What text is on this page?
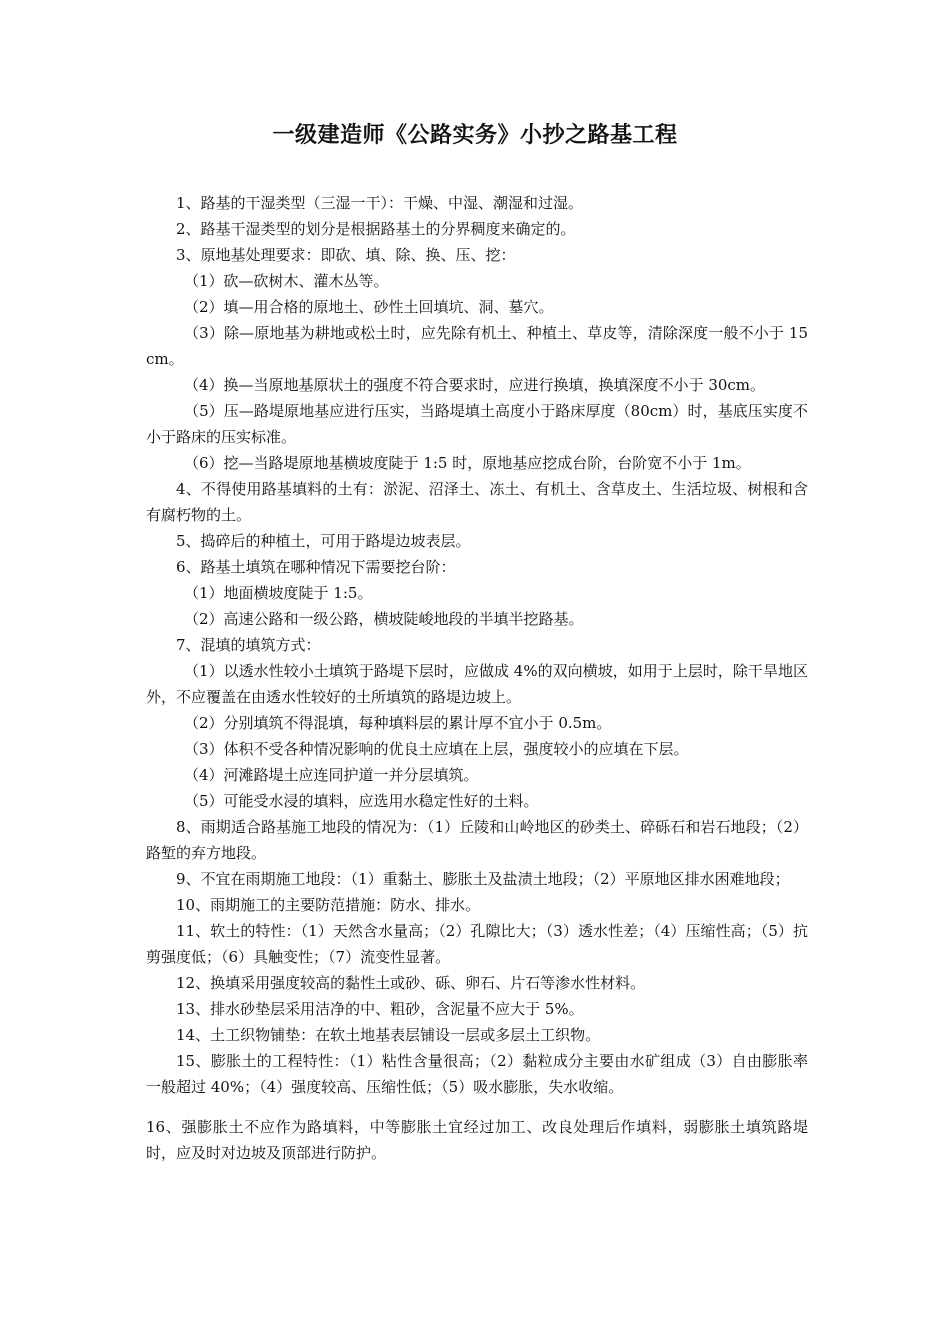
一级建造师《公路实务》小抄之路基工程

1、路基的干湿类型（三湿一干）：干燥、中湿、潮湿和过湿。

2、路基干湿类型的划分是根据路基土的分界稠度来确定的。

3、原地基处理要求：即砍、填、除、换、压、挖：

（1）砍—砍树木、灌木丛等。

（2）填—用合格的原地土、砂性土回填坑、洞、墓穴。

（3）除—原地基为耕地或松土时，应先除有机土、种植土、草皮等，清除深度一般不小于 15cm。

（4）换—当原地基原状土的强度不符合要求时，应进行换填，换填深度不小于 30cm。

（5）压—路堤原地基应进行压实，当路堤填土高度小于路床厚度（80cm）时，基底压实度不小于路床的压实标准。

（6）挖—当路堤原地基横坡度陡于 1:5 时，原地基应挖成台阶，台阶宽不小于 1m。

4、不得使用路基填料的土有：淤泥、沼泽土、冻土、有机土、含草皮土、生活垃圾、树根和含有腐朽物的土。

5、捣碎后的种植土，可用于路堤边坡表层。

6、路基土填筑在哪种情况下需要挖台阶：

（1）地面横坡度陡于 1:5。

（2）高速公路和一级公路，横坡陡峻地段的半填半挖路基。

7、混填的填筑方式：

（1）以透水性较小土填筑于路堤下层时，应做成 4%的双向横坡，如用于上层时，除干旱地区外，不应覆盖在由透水性较好的土所填筑的路堤边坡上。

（2）分别填筑不得混填，每种填料层的累计厚不宜小于 0.5m。

（3）体积不受各种情况影响的优良土应填在上层，强度较小的应填在下层。

（4）河滩路堤土应连同护道一并分层填筑。

（5）可能受水浸的填料，应选用水稳定性好的土料。

8、雨期适合路基施工地段的情况为：（1）丘陵和山岭地区的砂类土、碎砾石和岩石地段；（2）路堑的弃方地段。

9、不宜在雨期施工地段：（1）重黏土、膨胀土及盐渍土地段；（2）平原地区排水困难地段；

10、雨期施工的主要防范措施：防水、排水。

11、软土的特性：（1）天然含水量高；（2）孔隙比大；（3）透水性差；（4）压缩性高；（5）抗剪强度低；（6）具触变性；（7）流变性显著。

12、换填采用强度较高的黏性土或砂、砾、卵石、片石等渗水性材料。

13、排水砂垫层采用洁净的中、粗砂，含泥量不应大于 5%。

14、土工织物铺垫：在软土地基表层铺设一层或多层土工织物。

15、膨胀土的工程特性：（1）粘性含量很高；（2）黏粒成分主要由水矿组成（3）自由膨胀率一般超过 40%；（4）强度较高、压缩性低；（5）吸水膨胀，失水收缩。

16、强膨胀土不应作为路填料，中等膨胀土宜经过加工、改良处理后作填料，弱膨胀土填筑路堤时，应及时对边坡及顶部进行防护。
